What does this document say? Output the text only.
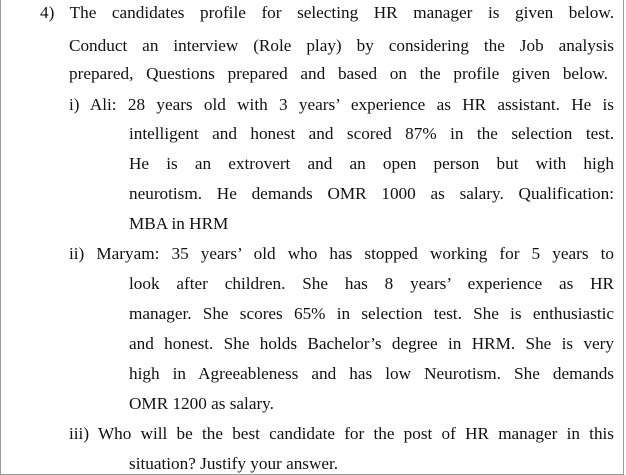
4) The candidates profile for selecting HR manager is given below.
Conduct an interview (Role play) by considering the Job analysis
prepared, Questions prepared and based on the profile given below.
i) Ali: 28 years old with 3 years’ experience as HR assistant. He is
intelligent and honest and scored 87% in the selection test.
He is an extrovert and an open person but with high
neurotism. He demands OMR 1000 as salary. Qualification:
MBA in HRM
ii) Maryam: 35 years’ old who has stopped working for 5 years to
look after children. She has 8 years’ experience as HR
manager. She scores 65% in selection test. She is enthusiastic
and honest. She holds Bachelor’s degree in HRM. She is very
high in Agreeableness and has low Neurotism. She demands
OMR 1200 as salary.
iii) Who will be the best candidate for the post of HR manager in this
situation? Justify your answer.
